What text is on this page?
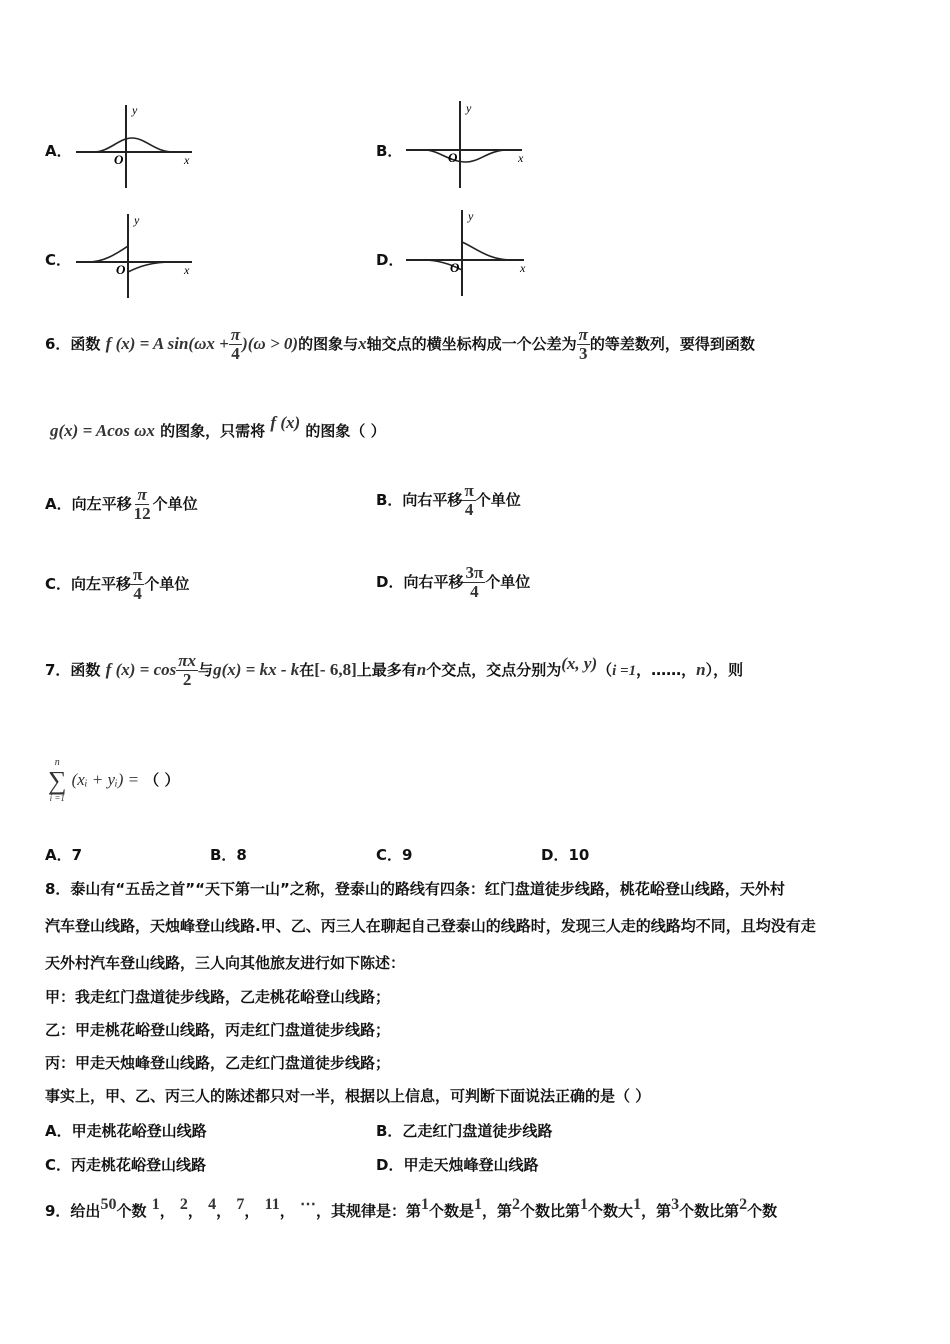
A．
y
x
O	B．
y
x
O
C．
y
x
O
D．
y
x
O
6．函数 f (x) = A $\sin(\omega x + \frac{\pi}{4} )(\omega > 0)$的图象与x轴交点的横坐标构成一个公差为 $\frac{\pi}{3}$ 的等差数列，要得到函数
g(x) = Acos ωx 的图象，只需将 f (x) 的图象（ ）
A．向左平移 $\frac{\pi}{12}$ 个单位	B．向右平移 $\frac{\pi}{4}$ 个单位
C．向左平移 $\frac{\pi}{4}$ 个单位	D．向右平移 $\frac{3\pi}{4}$ 个单位
7．函数 f $(x) = \cos \frac{\pi x}{2}$ 与g(x) = kx - k在[- 6,8]上最多有n个交点，交点分别为(x, y)（i =1，……，n），则
n
∑
i =1
(xᵢ + yᵢ) = （ ）
A．7	B．8	C．9	D．10
8．泰山有“五岳之首”“天下第一山”之称，登泰山的路线有四条：红门盘道徒步线路，桃花峪登山线路，天外村
汽车登山线路，天烛峰登山线路.甲、乙、丙三人在聊起自己登泰山的线路时，发现三人走的线路均不同，且均没有走
天外村汽车登山线路，三人向其他旅友进行如下陈述：
甲：我走红门盘道徒步线路，乙走桃花峪登山线路；
乙：甲走桃花峪登山线路，丙走红门盘道徒步线路；
丙：甲走天烛峰登山线路，乙走红门盘道徒步线路；
事实上，甲、乙、丙三人的陈述都只对一半，根据以上信息，可判断下面说法正确的是（ ）
A．甲走桃花峪登山线路	B．乙走红门盘道徒步线路
C．丙走桃花峪登山线路	D．甲走天烛峰登山线路
9．给出50个数 1， 2， 4， 7， 11， ⋯，其规律是：第1个数是1，第2个数比第1个数大1，第3个数比第2个数
